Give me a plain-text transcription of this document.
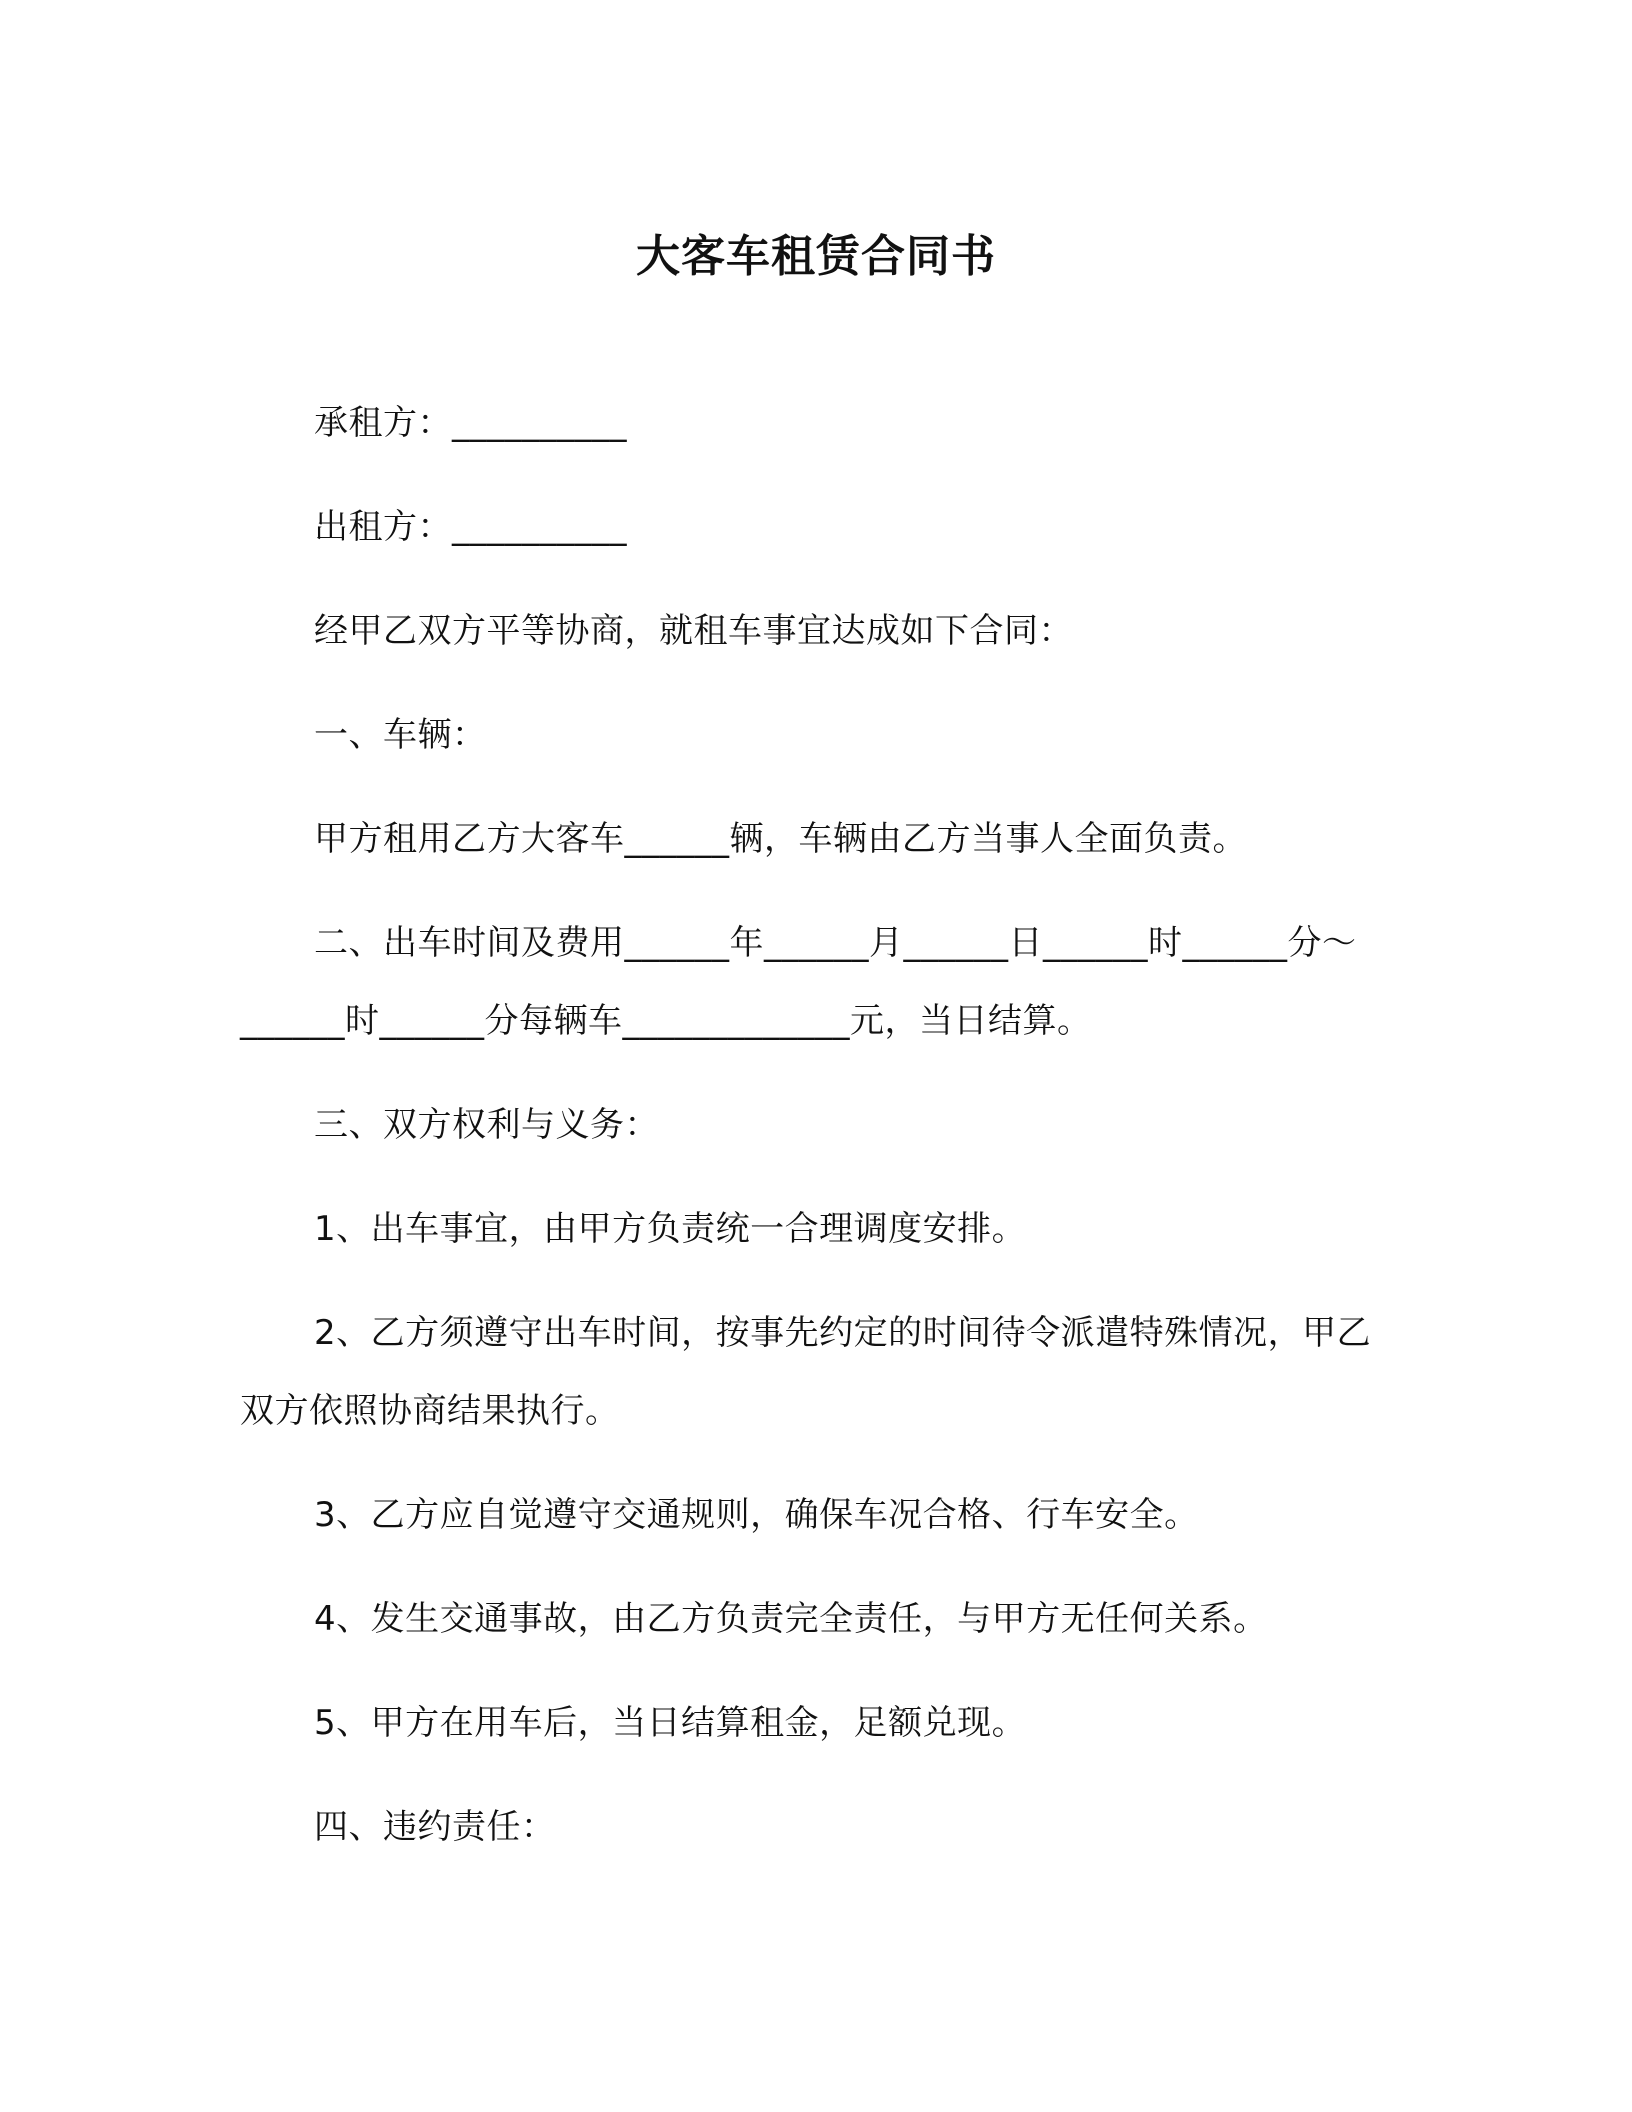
大客车租赁合同书
承租方：__________
出租方：__________
经甲乙双方平等协商，就租车事宜达成如下合同：
一、车辆：
甲方租用乙方大客车______辆，车辆由乙方当事人全面负责。
二、出车时间及费用______年______月______日______时______分～______时______分每辆车_____________元，当日结算。
三、双方权利与义务：
1、出车事宜，由甲方负责统一合理调度安排。
2、乙方须遵守出车时间，按事先约定的时间待令派遣特殊情况，甲乙双方依照协商结果执行。
3、乙方应自觉遵守交通规则，确保车况合格、行车安全。
4、发生交通事故，由乙方负责完全责任，与甲方无任何关系。
5、甲方在用车后，当日结算租金，足额兑现。
四、违约责任：
